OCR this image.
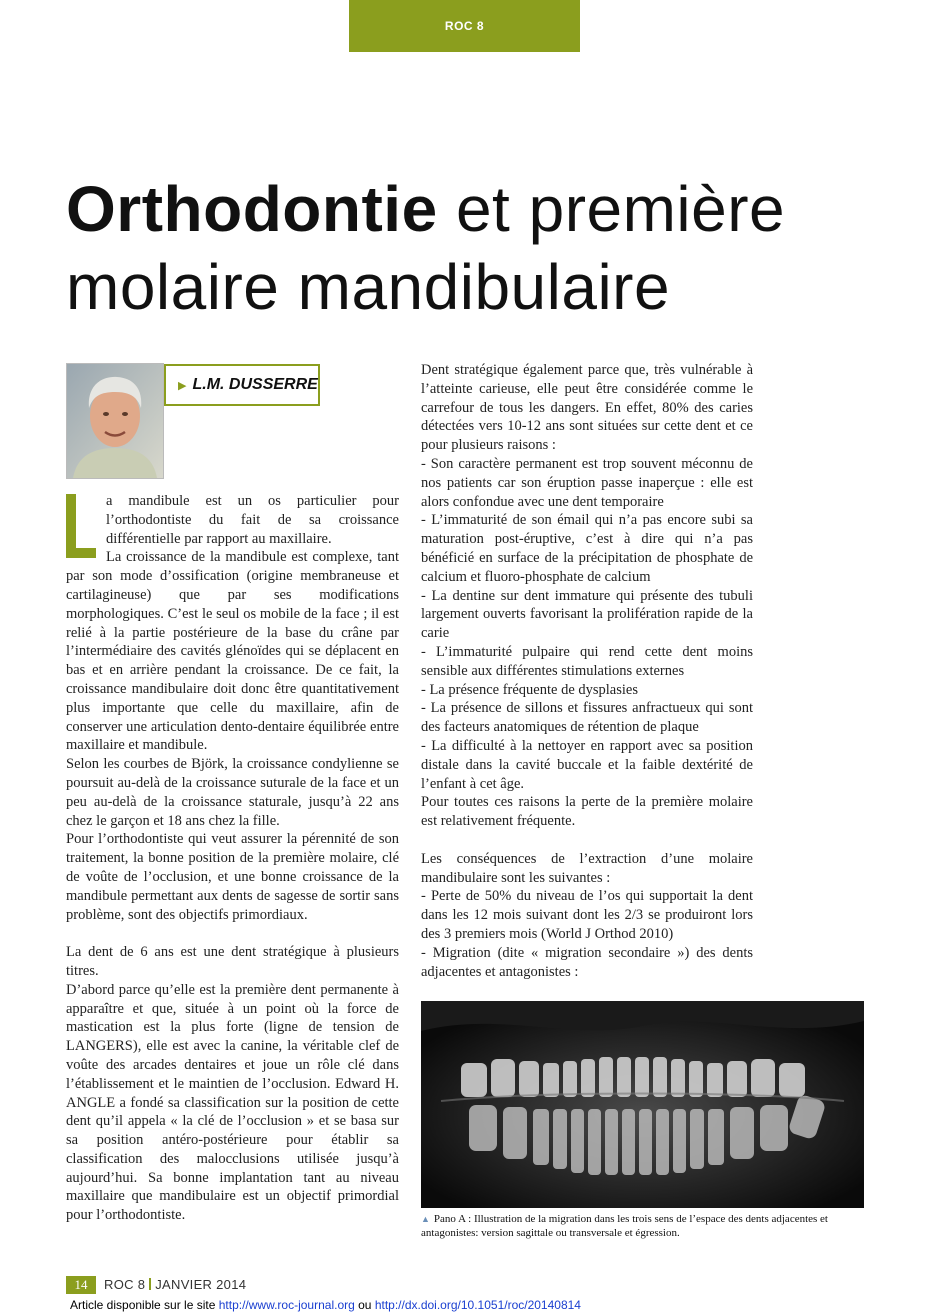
ROC 8
Orthodontie et première
molaire mandibulaire
▶ L.M. DUSSERRE

a mandibule est un os particulier pour l’orthodontiste du fait de sa croissance différentielle par rapport au maxillaire.

La croissance de la mandibule est complexe, tant par son mode d’ossification (origine membraneuse et cartilagineuse) que par ses modifications morphologiques. C’est le seul os mobile de la face ; il est relié à la partie postérieure de la base du crâne par l’intermédiaire des cavités glénoïdes qui se déplacent en bas et en arrière pendant la croissance. De ce fait, la croissance mandibulaire doit donc être quantitativement plus importante que celle du maxillaire, afin de conserver une articulation dento-dentaire équilibrée entre maxillaire et mandibule.

Selon les courbes de Björk, la croissance condylienne se poursuit au-delà de la croissance suturale de la face et un peu au-delà de la croissance staturale, jusqu’à 22 ans chez le garçon et 18 ans chez la fille.

Pour l’orthodontiste qui veut assurer la pérennité de son traitement, la bonne position de la première molaire, clé de voûte de l’occlusion, et une bonne croissance de la mandibule permettant aux dents de sagesse de sortir sans problème, sont des objectifs primordiaux.

La dent de 6 ans est une dent stratégique à plusieurs titres.

D’abord parce qu’elle est la première dent permanente à apparaître et que, située à un point où la force de mastication est la plus forte (ligne de tension de LANGERS), elle est avec la canine, la véritable clef de voûte des arcades dentaires et joue un rôle clé dans l’établissement et le maintien de l’occlusion. Edward H. ANGLE a fondé sa classification sur la position de cette dent qu’il appela « la clé de l’occlusion » et se basa sur sa position antéro-postérieure pour établir sa classification des malocclusions utilisée jusqu’à aujourd’hui. Sa bonne implantation tant au niveau maxillaire que mandibulaire est un objectif primordial pour l’orthodontiste.

Dent stratégique également parce que, très vulnérable à l’atteinte carieuse, elle peut être considérée comme le carrefour de tous les dangers. En effet, 80% des caries détectées vers 10-12 ans sont situées sur cette dent et ce pour plusieurs raisons :

- Son caractère permanent est trop souvent méconnu de nos patients car son éruption passe inaperçue : elle est alors confondue avec une dent temporaire

- L’immaturité de son émail qui n’a pas encore subi sa maturation post-éruptive, c’est à dire qui n’a pas bénéficié en surface de la précipitation de phosphate de calcium et fluoro-phosphate de calcium

- La dentine sur dent immature qui présente des tubuli largement ouverts favorisant la prolifération rapide de la carie

- L’immaturité pulpaire qui rend cette dent moins sensible aux différentes stimulations externes

- La présence fréquente de dysplasies

- La présence de sillons et fissures anfractueux qui sont des facteurs anatomiques de rétention de plaque

- La difficulté à la nettoyer en rapport avec sa position distale dans la cavité buccale et la faible dextérité de l’enfant à cet âge.

Pour toutes ces raisons la perte de la première molaire est relativement fréquente.

Les conséquences de l’extraction d’une molaire mandibulaire sont les suivantes :

- Perte de 50% du niveau de l’os qui supportait la dent dans les 12 mois suivant dont les 2/3 se produiront lors des 3 premiers mois (World J Orthod 2010)

- Migration (dite « migration secondaire ») des dents adjacentes et antagonistes :

▲ Pano A : Illustration de la migration dans les trois sens de l’espace des dents adjacentes et antagonistes: version sagittale ou transversale et égression.
14 ROC 8 JANVIER 2014
Article disponible sur le site http://www.roc-journal.org ou http://dx.doi.org/10.1051/roc/20140814
